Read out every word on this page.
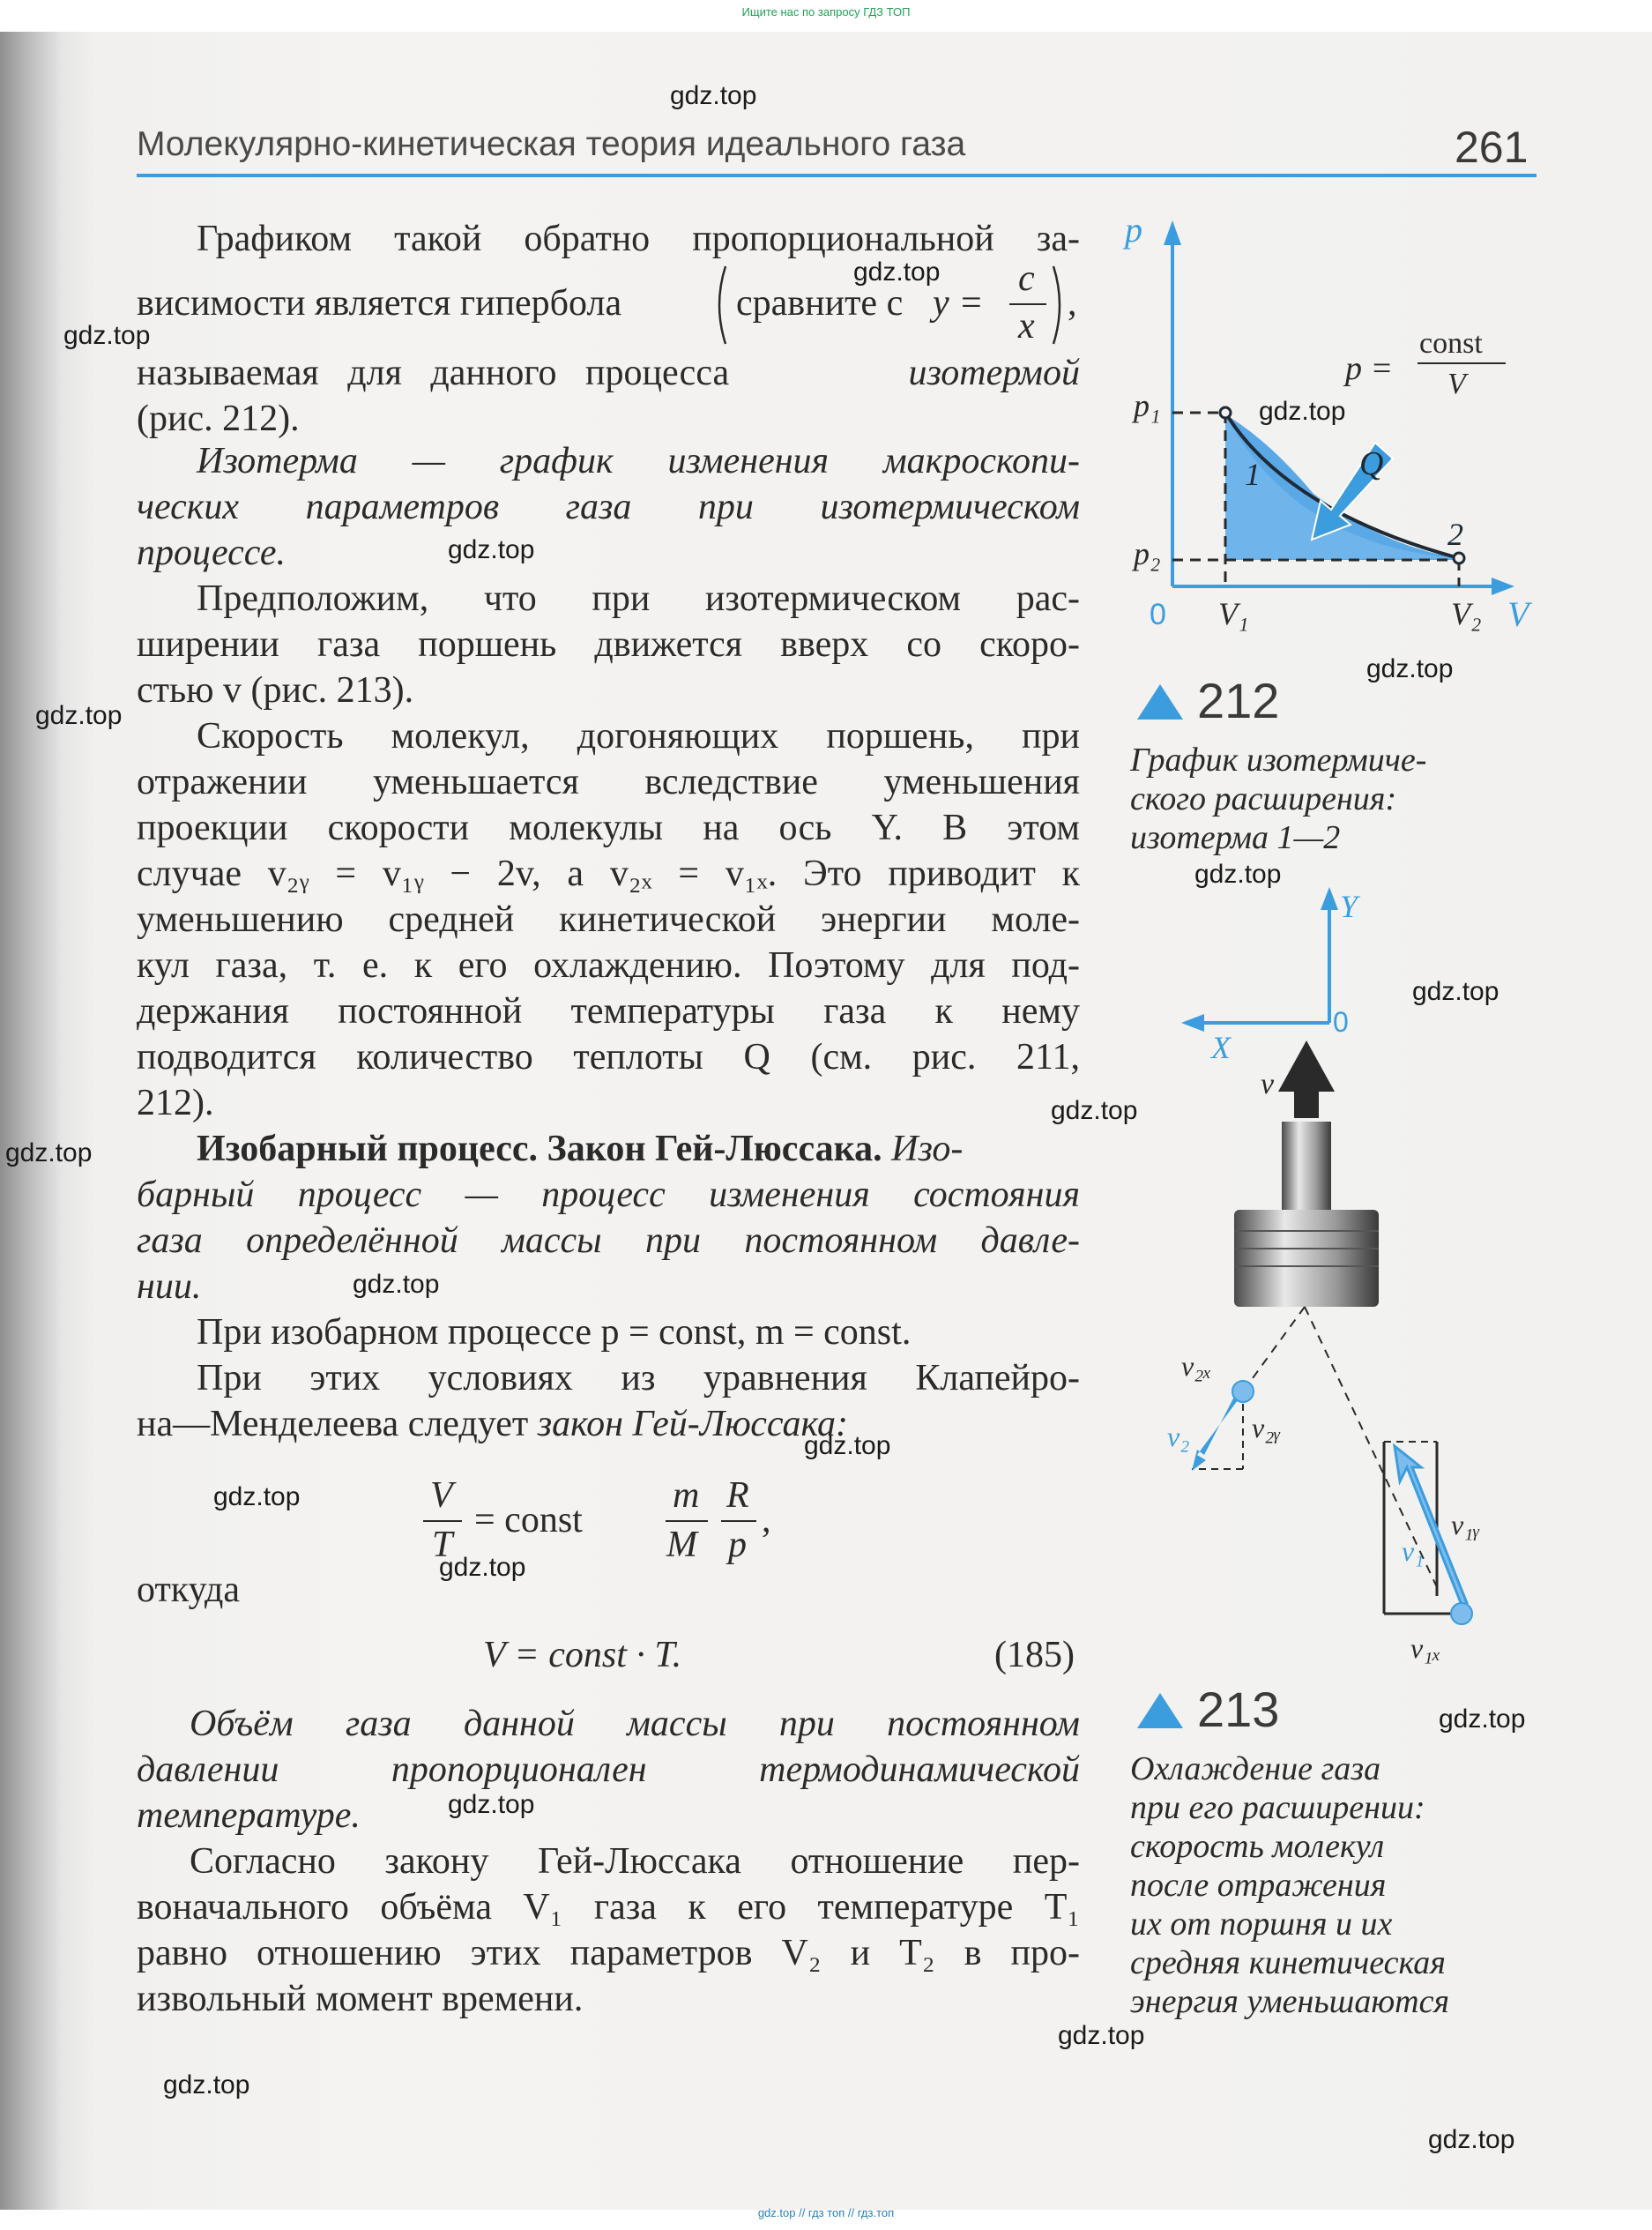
Ищите нас по запросу ГДЗ ТОП
Молекулярно-кинетическая теория идеального газа	261
Графиком такой обратно пропорциональной за-
висимости является гипербола	сравните с y =
c
x
,
называемая для данного процесса	изотермой
(рис. 212).
Изотерма — график изменения макроскопи-
ческих параметров газа при изотермическом
процессе.
Предположим, что при изотермическом рас-
ширении газа поршень движется вверх со скоро-
стью v (рис. 213).
Скорость молекул, догоняющих поршень, при
отражении уменьшается вследствие уменьшения
проекции скорости молекулы на ось Y. В этом
случае v₂ᵧ = v₁ᵧ − 2v, а v₂ₓ = v₁ₓ. Это приводит к
уменьшению средней кинетической энергии моле-
кул газа, т. е. к его охлаждению. Поэтому для под-
держания постоянной температуры газа к нему
подводится количество теплоты Q (см. рис. 211,
212).
Изобарный процесс. Закон Гей-Люссака. Изо-
барный процесс — процесс изменения состояния
газа определённой массы при постоянном давле-
нии.
При изобарном процессе p = const, m = const.
При этих условиях из уравнения Клапейро-
на—Менделеева следует закон Гей-Люссака:
V
T
= const
m
M
R
p
,
откуда
V = const · T.	(185)
Объём газа данной массы при постоянном
давлении пропорционален термодинамической
температуре.
Согласно закону Гей-Люссака отношение пер-
воначального объёма V₁ газа к его температуре T₁
равно отношению этих параметров V₂ и T₂ в про-
извольный момент времени.
p
V
0
p₁
p₂
V₁	V₂
1
2
Q
p =
const
V
212
График изотермиче-
ского расширения:
изотерма 1—2
Y
X
0
v
v₂ₓ
v₂ᵧ
v₂
v₁ᵧ
v₁
v₁ₓ
213
Охлаждение газа
при его расширении:
скорость молекул
после отражения
их от поршня и их
средняя кинетическая
энергия уменьшаются
gdz.top
gdz.top
gdz.top
gdz.top
gdz.top
gdz.top
gdz.top
gdz.top
gdz.top
gdz.top
gdz.top
gdz.top
gdz.top
gdz.top
gdz.top
gdz.top
gdz.top
gdz.top
gdz.top
gdz.top
gdz.top // гдз топ // гдз.топ
